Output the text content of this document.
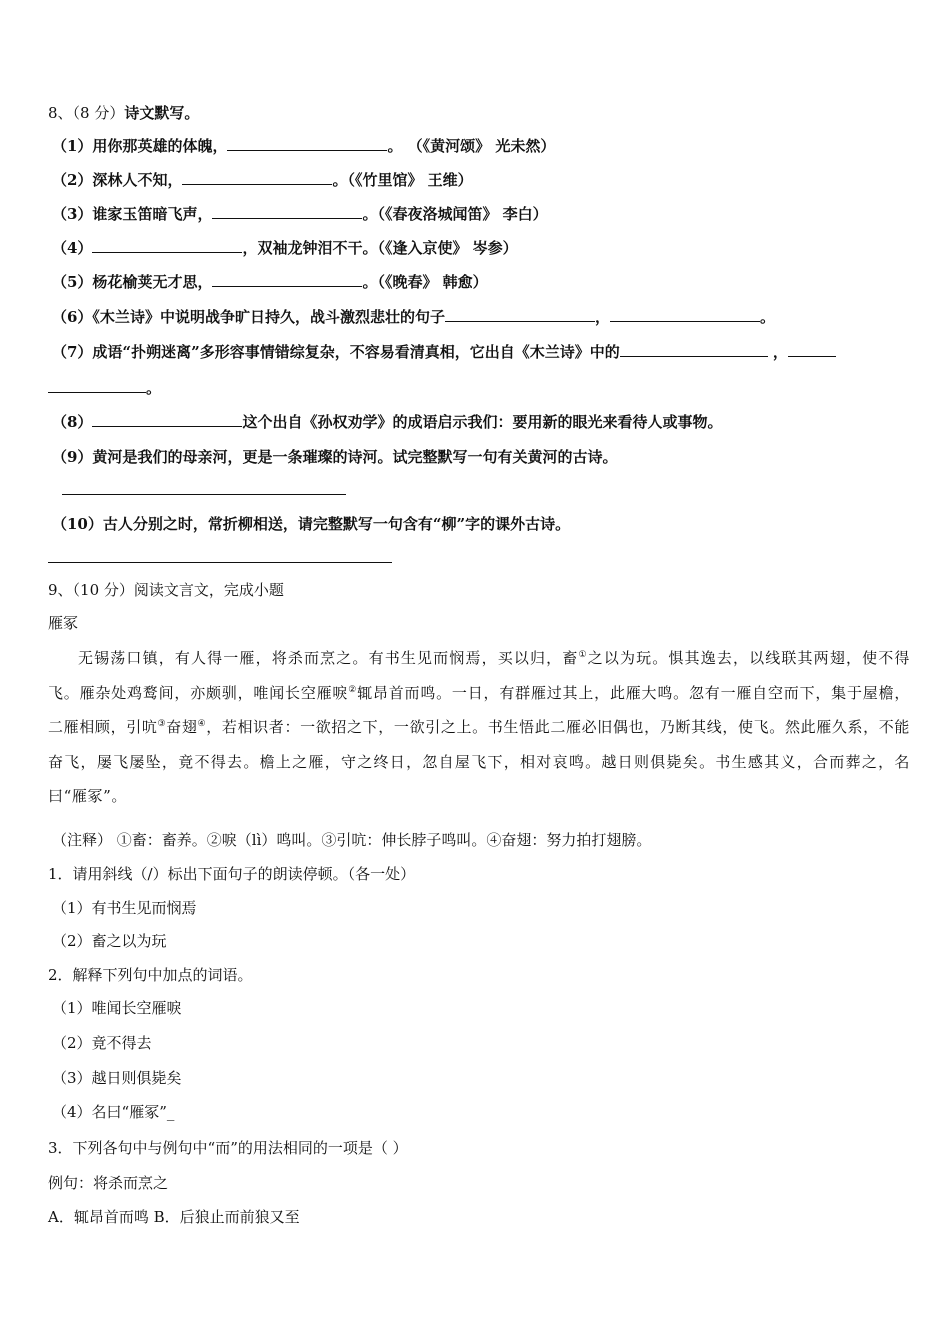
8、（8 分）诗文默写。
（1）用你那英雄的体魄，	。 （《黄河颂》 光未然）
（2）深林人不知，	。（《竹里馆》 王维）
（3）谁家玉笛暗飞声，	。（《春夜洛城闻笛》 李白）
（4）	，双袖龙钟泪不干。（《逢入京使》 岑参）
（5）杨花榆荚无才思，	。（《晚春》 韩愈）
（6）《木兰诗》中说明战争旷日持久，战斗激烈悲壮的句子	，	。
（7）成语“扑朔迷离”多形容事情错综复杂，不容易看清真相，它出自《木兰诗》中的	，
。
（8）	这个出自《孙权劝学》的成语启示我们：要用新的眼光来看待人或事物。
（9）黄河是我们的母亲河，更是一条璀璨的诗河。试完整默写一句有关黄河的古诗。
（10）古人分别之时，常折柳相送，请完整默写一句含有“柳”字的课外古诗。
9、（10 分）阅读文言文，完成小题
雁冢
无锡荡口镇，有人得一雁，将杀而烹之。有书生见而悯焉，买以归，畜①之以为玩。惧其逸去，以线联其两翅，使不得飞。雁杂处鸡鹜间，亦颇驯，唯闻长空雁唳②辄昂首而鸣。一日，有群雁过其上，此雁大鸣。忽有一雁自空而下，集于屋檐，二雁相顾，引吭③奋翅④，若相识者：一欲招之下，一欲引之上。书生悟此二雁必旧偶也，乃断其线，使飞。然此雁久系，不能奋飞，屡飞屡坠，竟不得去。檐上之雁，守之终日，忽自屋飞下，相对哀鸣。越日则俱毙矣。书生感其义，合而葬之，名曰“雁冢”。
（注释） ①畜：畜养。②唳（lì）鸣叫。③引吭：伸长脖子鸣叫。④奋翅：努力拍打翅膀。
1．请用斜线（/）标出下面句子的朗读停顿。（各一处）
（1）有书生见而悯焉
（2）畜之以为玩
2．解释下列句中加点的词语。
（1）唯闻长空雁唳
（2）竟不得去
（3）越日则俱毙矣
（4）名曰“雁冢”_
3．下列各句中与例句中“而”的用法相同的一项是（ ）
例句：将杀而烹之
A．辄昂首而鸣 B．后狼止而前狼又至
